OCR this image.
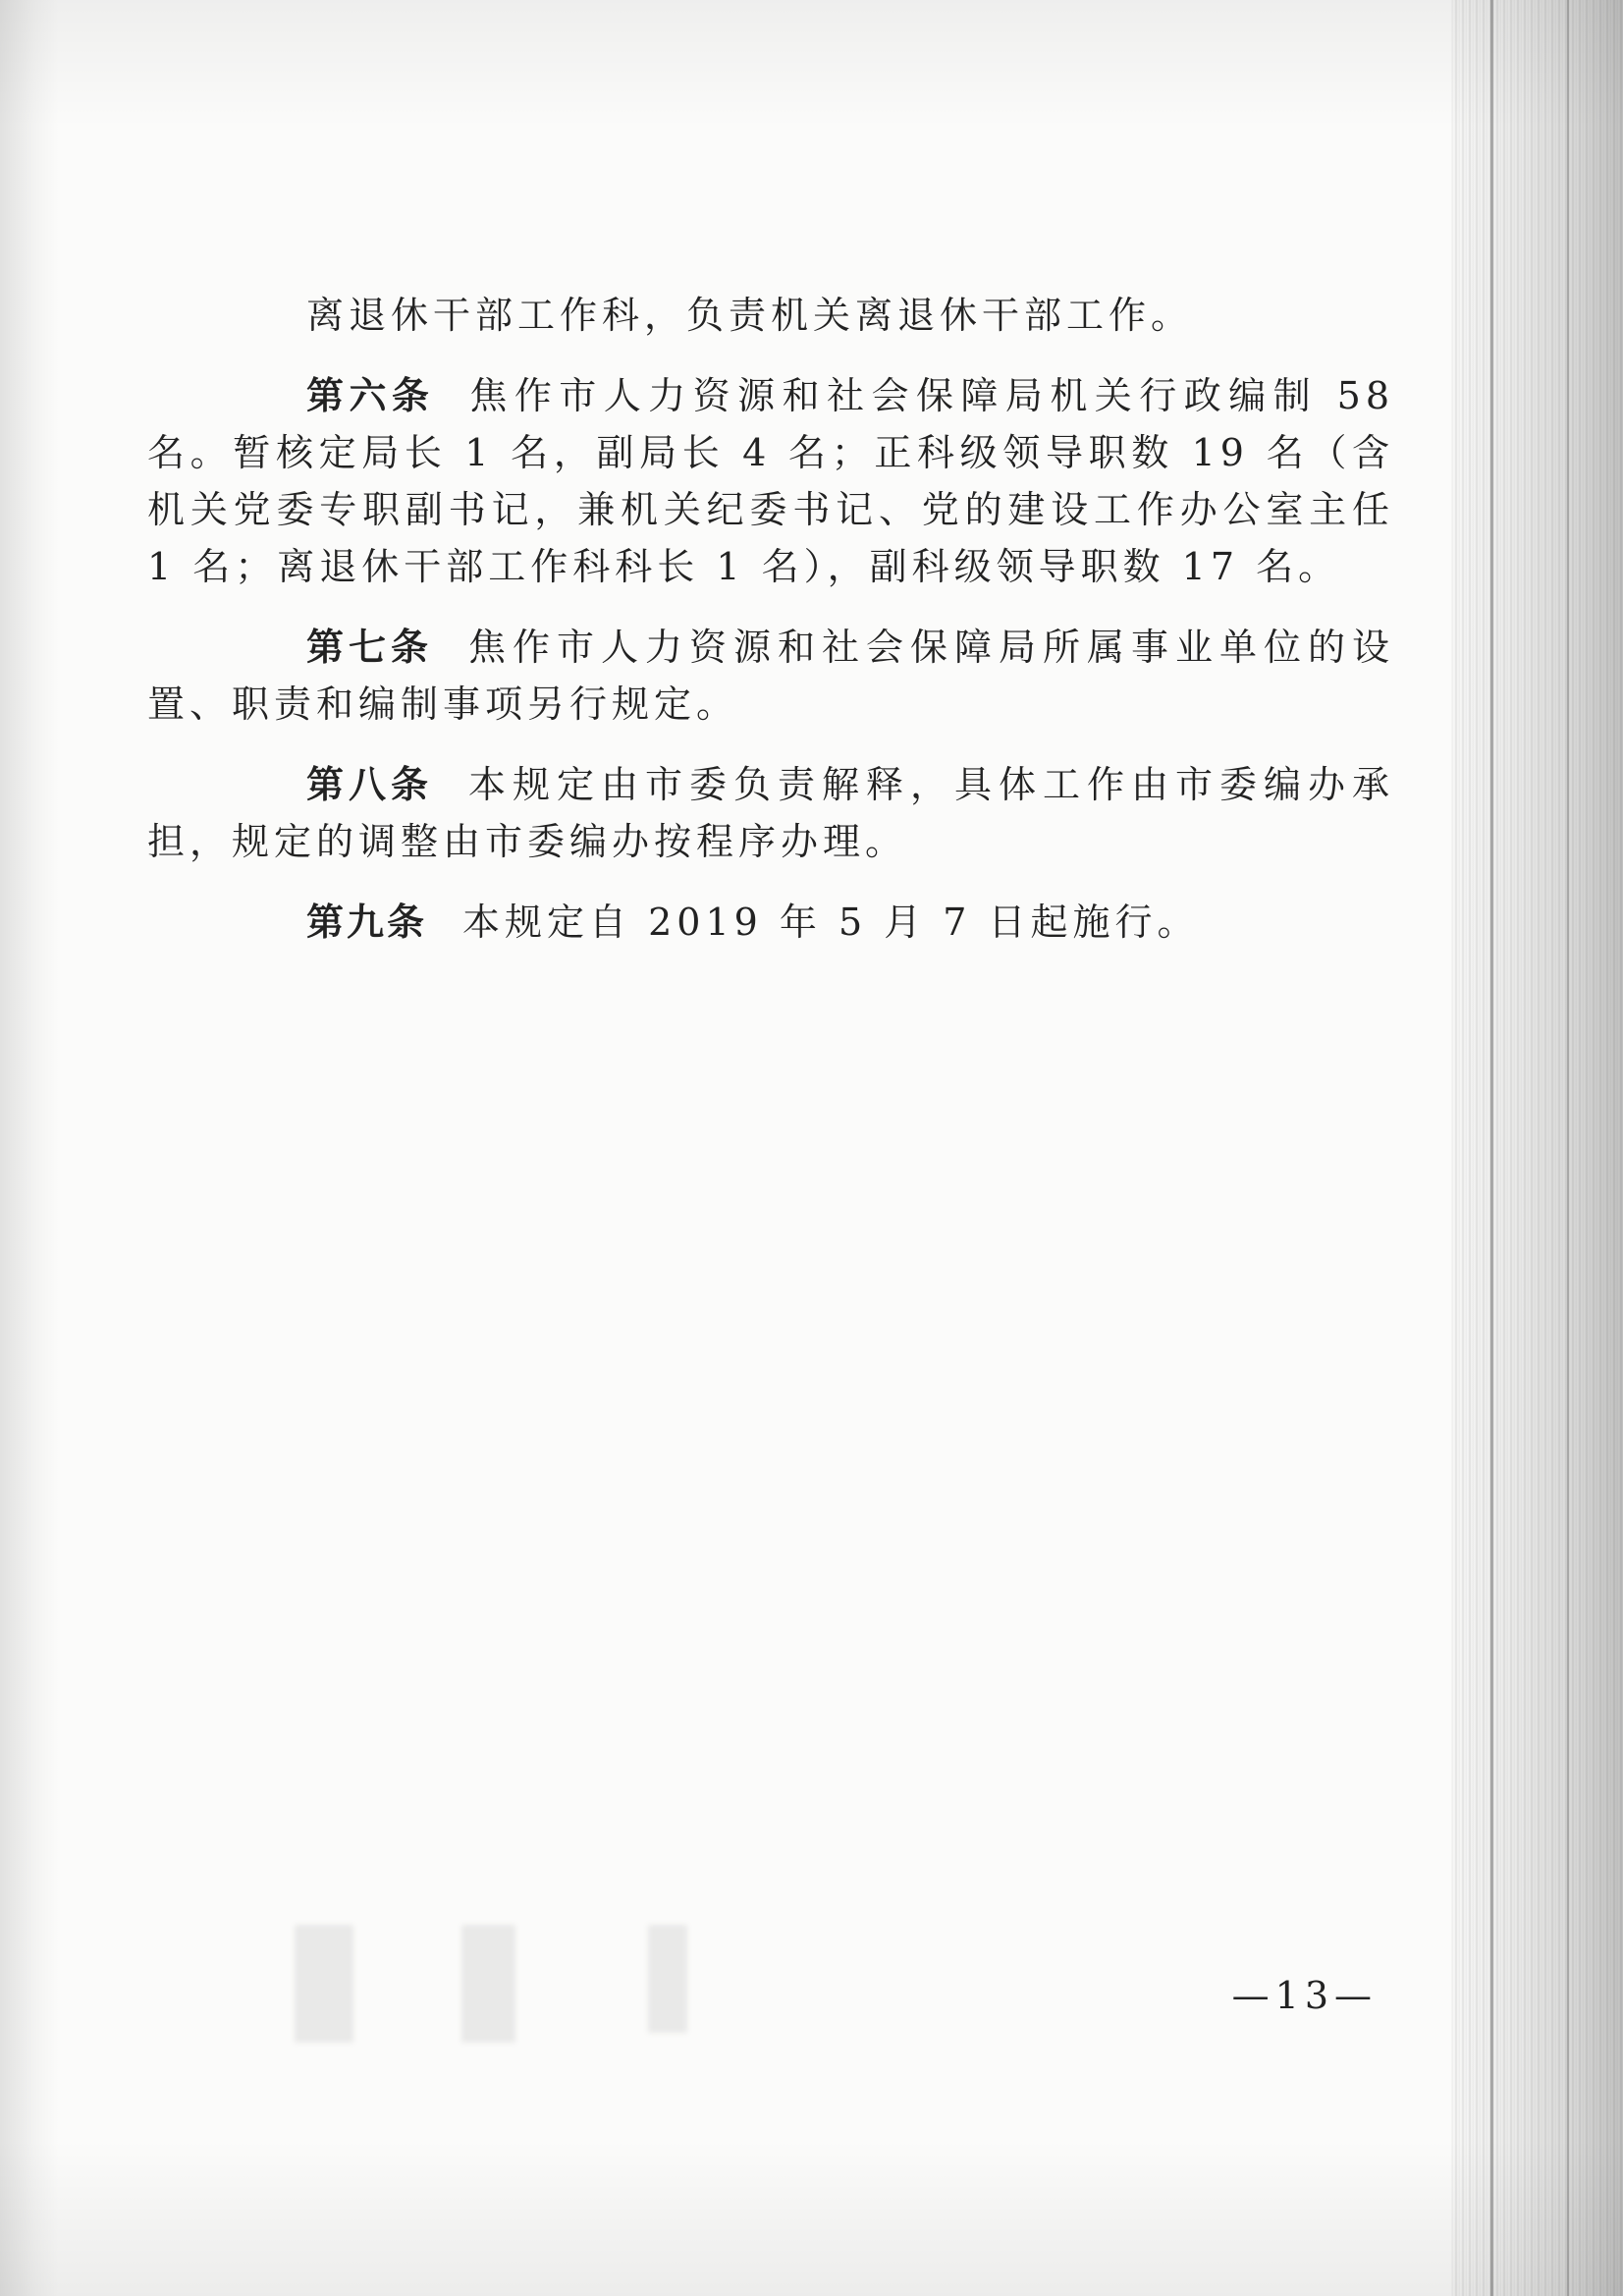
离退休干部工作科，负责机关离退休干部工作。

第六条 焦作市人力资源和社会保障局机关行政编制 58 名。暂核定局长 1 名，副局长 4 名；正科级领导职数 19 名（含机关党委专职副书记，兼机关纪委书记、党的建设工作办公室主任 1 名；离退休干部工作科科长 1 名），副科级领导职数 17 名。

第七条 焦作市人力资源和社会保障局所属事业单位的设置、职责和编制事项另行规定。

第八条 本规定由市委负责解释，具体工作由市委编办承担，规定的调整由市委编办按程序办理。

第九条 本规定自 2019 年 5 月 7 日起施行。

—13—
